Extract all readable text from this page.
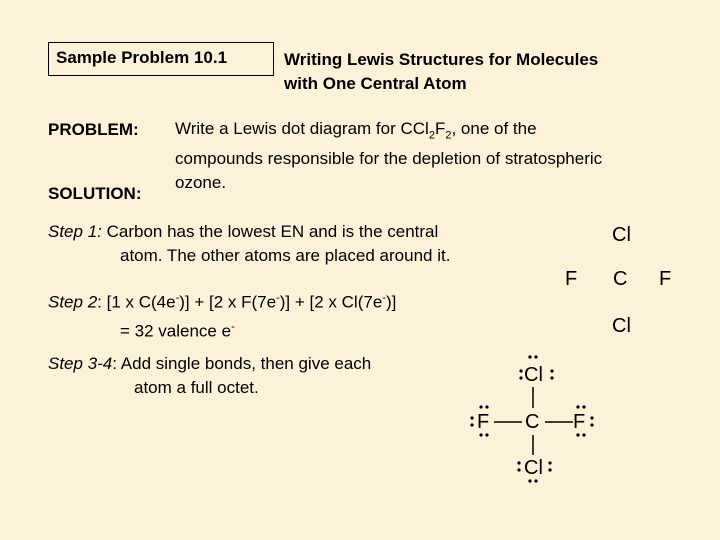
Sample Problem 10.1	Writing Lewis Structures for Molecules
with One Central Atom
PROBLEM: Write a Lewis dot diagram for $CCl_2F_2$, one of the
compounds responsible for the depletion of stratospheric
ozone.
SOLUTION:
Step 1: Carbon has the lowest EN and is the central
atom. The other atoms are placed around it.
Cl
F C F
Cl
Step 2: [1 x C(4e-)] + [2 x F(7e-)] + [2 x Cl(7e-)]
= 32 valence e-
Step 3-4: Add single bonds, then give each
atom a full octet.
Cl
F C F
Cl
